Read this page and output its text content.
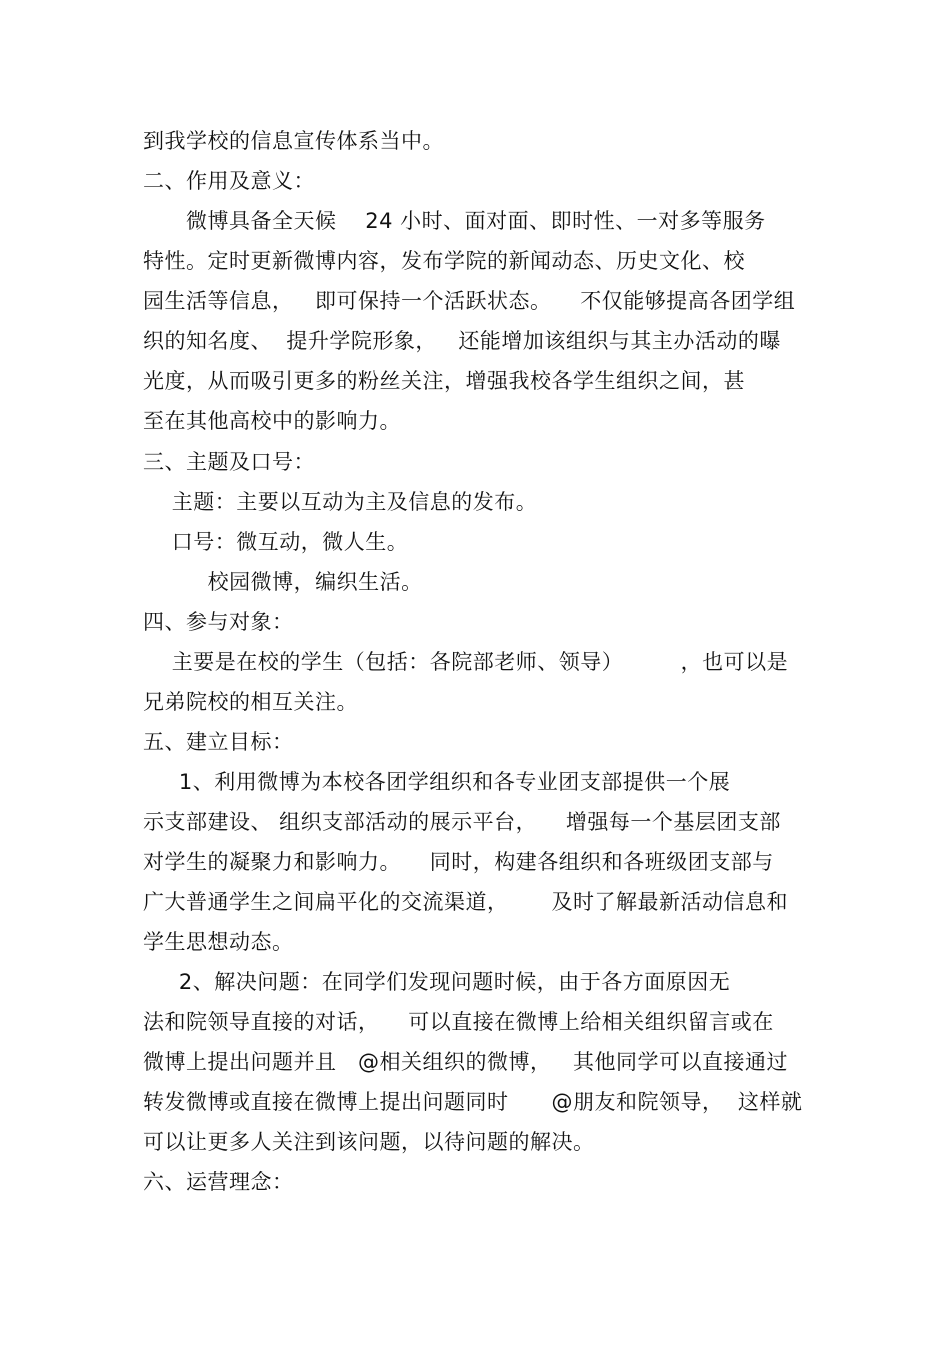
到我学校的信息宣传体系当中。
二、作用及意义：
微博具备全天候    24 小时、面对面、即时性、一对多等服务
特性。定时更新微博内容，发布学院的新闻动态、历史文化、校
园生活等信息，   即可保持一个活跃状态。    不仅能够提高各团学组
织的知名度、  提升学院形象，   还能增加该组织与其主办活动的曝
光度，从而吸引更多的粉丝关注，增强我校各学生组织之间，甚
至在其他高校中的影响力。
三、主题及口号：
主题：主要以互动为主及信息的发布。
口号：微互动，微人生。
校园微博，编织生活。
四、参与对象：
主要是在校的学生（包括：各院部老师、领导）        ，也可以是
兄弟院校的相互关注。
五、建立目标：
1、利用微博为本校各团学组织和各专业团支部提供一个展
示支部建设、 组织支部活动的展示平台，    增强每一个基层团支部
对学生的凝聚力和影响力。    同时，构建各组织和各班级团支部与
广大普通学生之间扁平化的交流渠道，      及时了解最新活动信息和
学生思想动态。
2、解决问题：在同学们发现问题时候，由于各方面原因无
法和院领导直接的对话，    可以直接在微博上给相关组织留言或在
微博上提出问题并且   @相关组织的微博，   其他同学可以直接通过
转发微博或直接在微博上提出问题同时      @朋友和院领导，  这样就
可以让更多人关注到该问题，以待问题的解决。
六、运营理念：
